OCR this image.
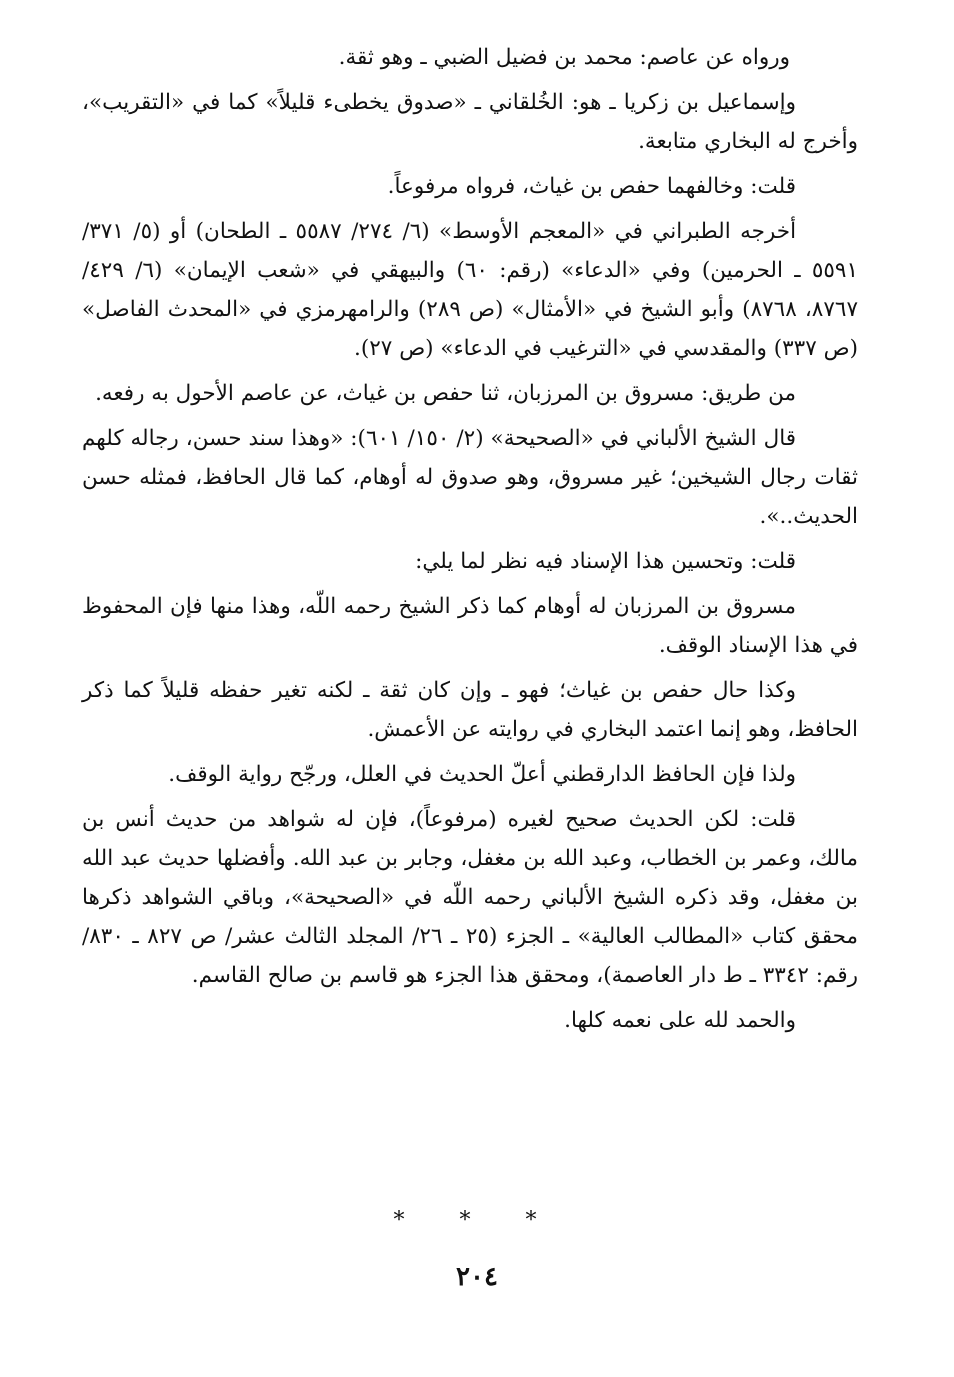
ورواه عن عاصم: محمد بن فضيل الضبي ـ وهو ثقة.

وإسماعيل بن زكريا ـ هو: الخُلقاني ـ «صدوق يخطىء قليلاً» كما في «التقريب»، وأخرج له البخاري متابعة.

قلت: وخالفهما حفص بن غياث، فرواه مرفوعاً.

أخرجه الطبراني في «المعجم الأوسط» (٦/ ٢٧٤/ ٥٥٨٧ ـ الطحان) أو (٥/ ٣٧١/ ٥٥٩١ ـ الحرمين) وفي «الدعاء» (رقم: ٦٠) والبيهقي في «شعب الإيمان» (٦/ ٤٢٩/ ٨٧٦٧، ٨٧٦٨) وأبو الشيخ في «الأمثال» (ص ٢٨٩) والرامهرمزي في «المحدث الفاصل» (ص ٣٣٧) والمقدسي في «الترغيب في الدعاء» (ص ٢٧).

من طريق: مسروق بن المرزبان، ثنا حفص بن غياث، عن عاصم الأحول به رفعه.

قال الشيخ الألباني في «الصحيحة» (٢/ ١٥٠/ ٦٠١): «وهذا سند حسن، رجاله كلهم ثقات رجال الشيخين؛ غير مسروق، وهو صدوق له أوهام، كما قال الحافظ، فمثله حسن الحديث..».

قلت: وتحسين هذا الإسناد فيه نظر لما يلي:

مسروق بن المرزبان له أوهام كما ذكر الشيخ رحمه اللّه، وهذا منها فإن المحفوظ في هذا الإسناد الوقف.

وكذا حال حفص بن غياث؛ فهو ـ وإن كان ثقة ـ لكنه تغير حفظه قليلاً كما ذكر الحافظ، وهو إنما اعتمد البخاري في روايته عن الأعمش.

ولذا فإن الحافظ الدارقطني أعلّ الحديث في العلل، ورجّح رواية الوقف.

قلت: لكن الحديث صحيح لغيره (مرفوعاً)، فإن له شواهد من حديث أنس بن مالك، وعمر بن الخطاب، وعبد الله بن مغفل، وجابر بن عبد الله. وأفضلها حديث عبد الله بن مغفل، وقد ذكره الشيخ الألباني رحمه اللّه في «الصحيحة»، وباقي الشواهد ذكرها محقق كتاب «المطالب العالية» ـ الجزء (٢٥ ـ ٢٦/ المجلد الثالث عشر/ ص ٨٢٧ ـ ٨٣٠/ رقم: ٣٣٤٢ ـ ط دار العاصمة)، ومحقق هذا الجزء هو قاسم بن صالح القاسم.

والحمد لله على نعمه كلها.

* * *
٢٠٤
